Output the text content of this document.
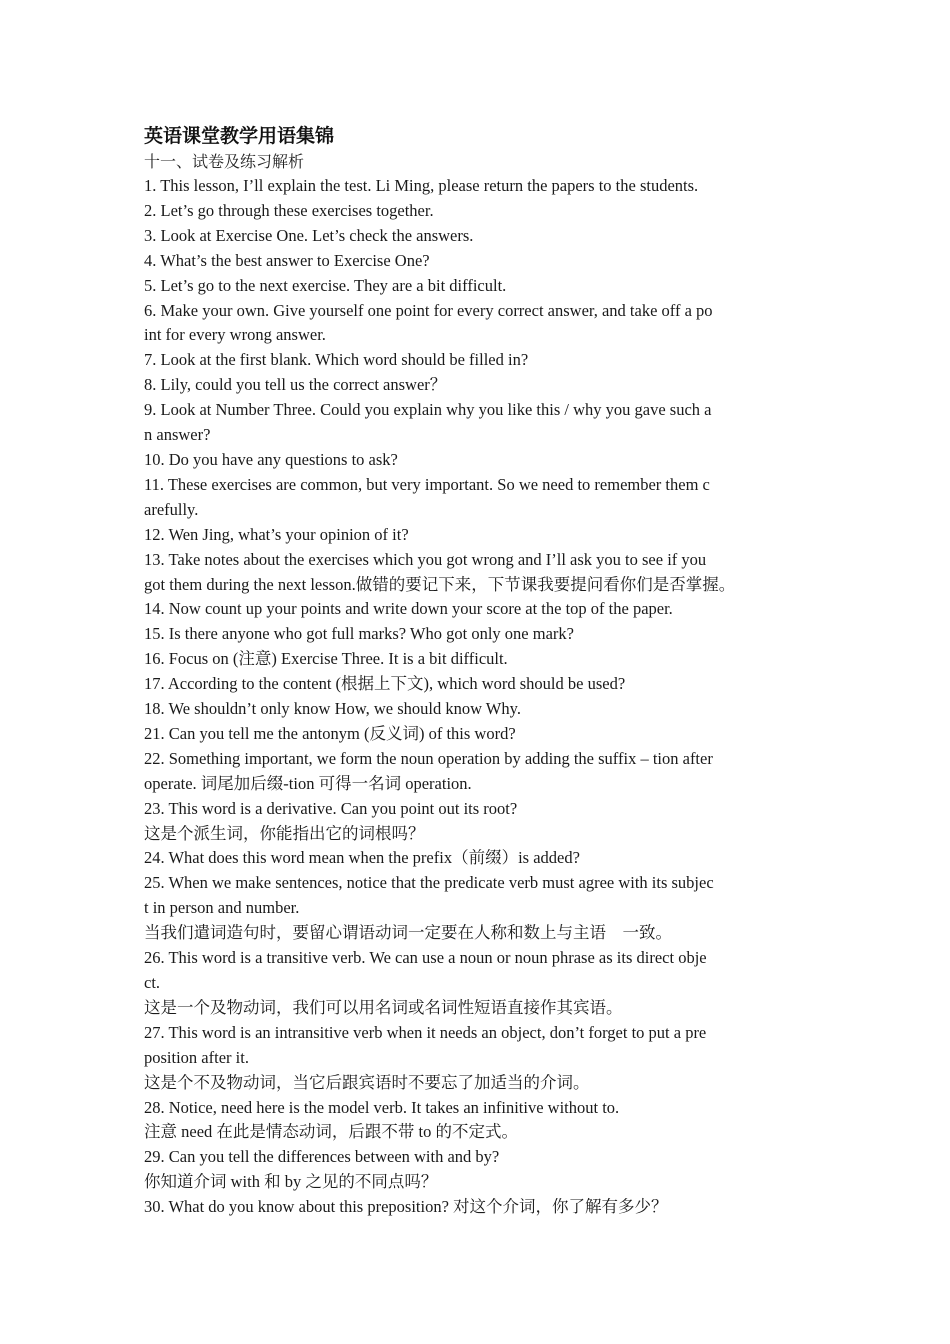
英语课堂教学用语集锦
十一、试卷及练习解析
1. This lesson, I’ll explain the test. Li Ming, please return the papers to the students.
2. Let’s go through these exercises together.
3. Look at Exercise One. Let’s check the answers.
4. What’s the best answer to Exercise One?
5. Let’s go to the next exercise. They are a bit difficult.
6. Make your own. Give yourself one point for every correct answer, and take off a po
int for every wrong answer.
7. Look at the first blank. Which word should be filled in?
8. Lily, could you tell us the correct answer？
9. Look at Number Three. Could you explain why you like this / why you gave such a
n answer?
10. Do you have any questions to ask?
11. These exercises are common, but very important. So we need to remember them c
arefully.
12. Wen Jing, what’s your opinion of it?
13. Take notes about the exercises which you got wrong and I’ll ask you to see if you
got them during the next lesson.做错的要记下来，下节课我要提问看你们是否掌握。
14. Now count up your points and write down your score at the top of the paper.
15. Is there anyone who got full marks? Who got only one mark?
16. Focus on (注意) Exercise Three. It is a bit difficult.
17. According to the content (根据上下文), which word should be used?
18. We shouldn’t only know How, we should know Why.
21. Can you tell me the antonym (反义词) of this word?
22. Something important, we form the noun operation by adding the suffix – tion after
operate. 词尾加后缀-tion 可得一名词 operation.
23. This word is a derivative. Can you point out its root?
这是个派生词，你能指出它的词根吗？
24. What does this word mean when the prefix（前缀）is added?
25. When we make sentences, notice that the predicate verb must agree with its subjec
t in person and number.
当我们遣词造句时，要留心谓语动词一定要在人称和数上与主语　一致。
26. This word is a transitive verb. We can use a noun or noun phrase as its direct obje
ct.
这是一个及物动词，我们可以用名词或名词性短语直接作其宾语。
27. This word is an intransitive verb when it needs an object, don’t forget to put a pre
position after it.
这是个不及物动词，当它后跟宾语时不要忘了加适当的介词。
28. Notice, need here is the model verb. It takes an infinitive without to.
注意 need 在此是情态动词，后跟不带 to 的不定式。
29. Can you tell the differences between with and by?
你知道介词 with 和 by 之见的不同点吗？
30. What do you know about this preposition? 对这个介词，你了解有多少？
